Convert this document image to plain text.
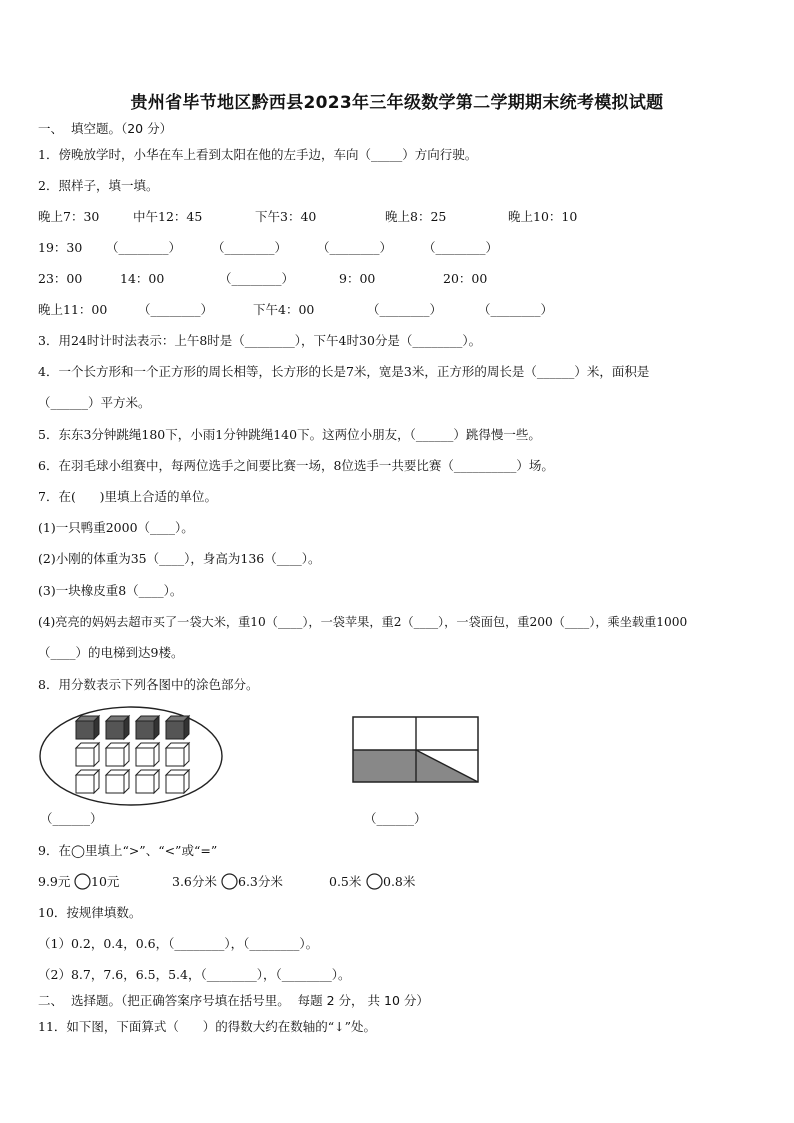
贵州省毕节地区黔西县2023年三年级数学第二学期期末统考模拟试题
一、  填空题。（20 分）
1．傍晚放学时，小华在车上看到太阳在他的左手边，车向（_____）方向行驶。
2．照样子，填一填。
晚上7：30	中午12：45	下午3：40	晚上8：25	晚上10：10
19：30 （________） （________） （________） （________）
23：00	14：00	（________）	9：00	20：00
晚上11：00 （________）	下午4：00	（________）	（________）
3．用24时计时法表示：上午8时是（________），下午4时30分是（________）。
4．一个长方形和一个正方形的周长相等，长方形的长是7米，宽是3米，正方形的周长是（______）米，面积是
（______）平方米。
5．东东3分钟跳绳180下，小雨1分钟跳绳140下。这两位小朋友，（______）跳得慢一些。
6．在羽毛球小组赛中，每两位选手之间要比赛一场，8位选手一共要比赛（__________）场。
7．在(      )里填上合适的单位。
(1)一只鸭重2000（____）。
(2)小刚的体重为35（____），身高为136（____）。
(3)一块橡皮重8（____）。
(4)亮亮的妈妈去超市买了一袋大米，重10（____），一袋苹果，重2（____），一袋面包，重200（____），乘坐载重1000
（____）的电梯到达9楼。
8．用分数表示下列各图中的涂色部分。
（______）	（______）
9．在◯里填上“>”、“<”或“=”
9.9元 10元	3.6分米 6.3分米	0.5米 0.8米
10．按规律填数。
（1）0.2，0.4，0.6，（________），（________）。
（2）8.7，7.6，6.5，5.4，（________），（________）。
二、  选择题。（把正确答案序号填在括号里。  每题 2 分， 共 10 分）
11．如下图，下面算式（      ）的得数大约在数轴的“↓”处。
